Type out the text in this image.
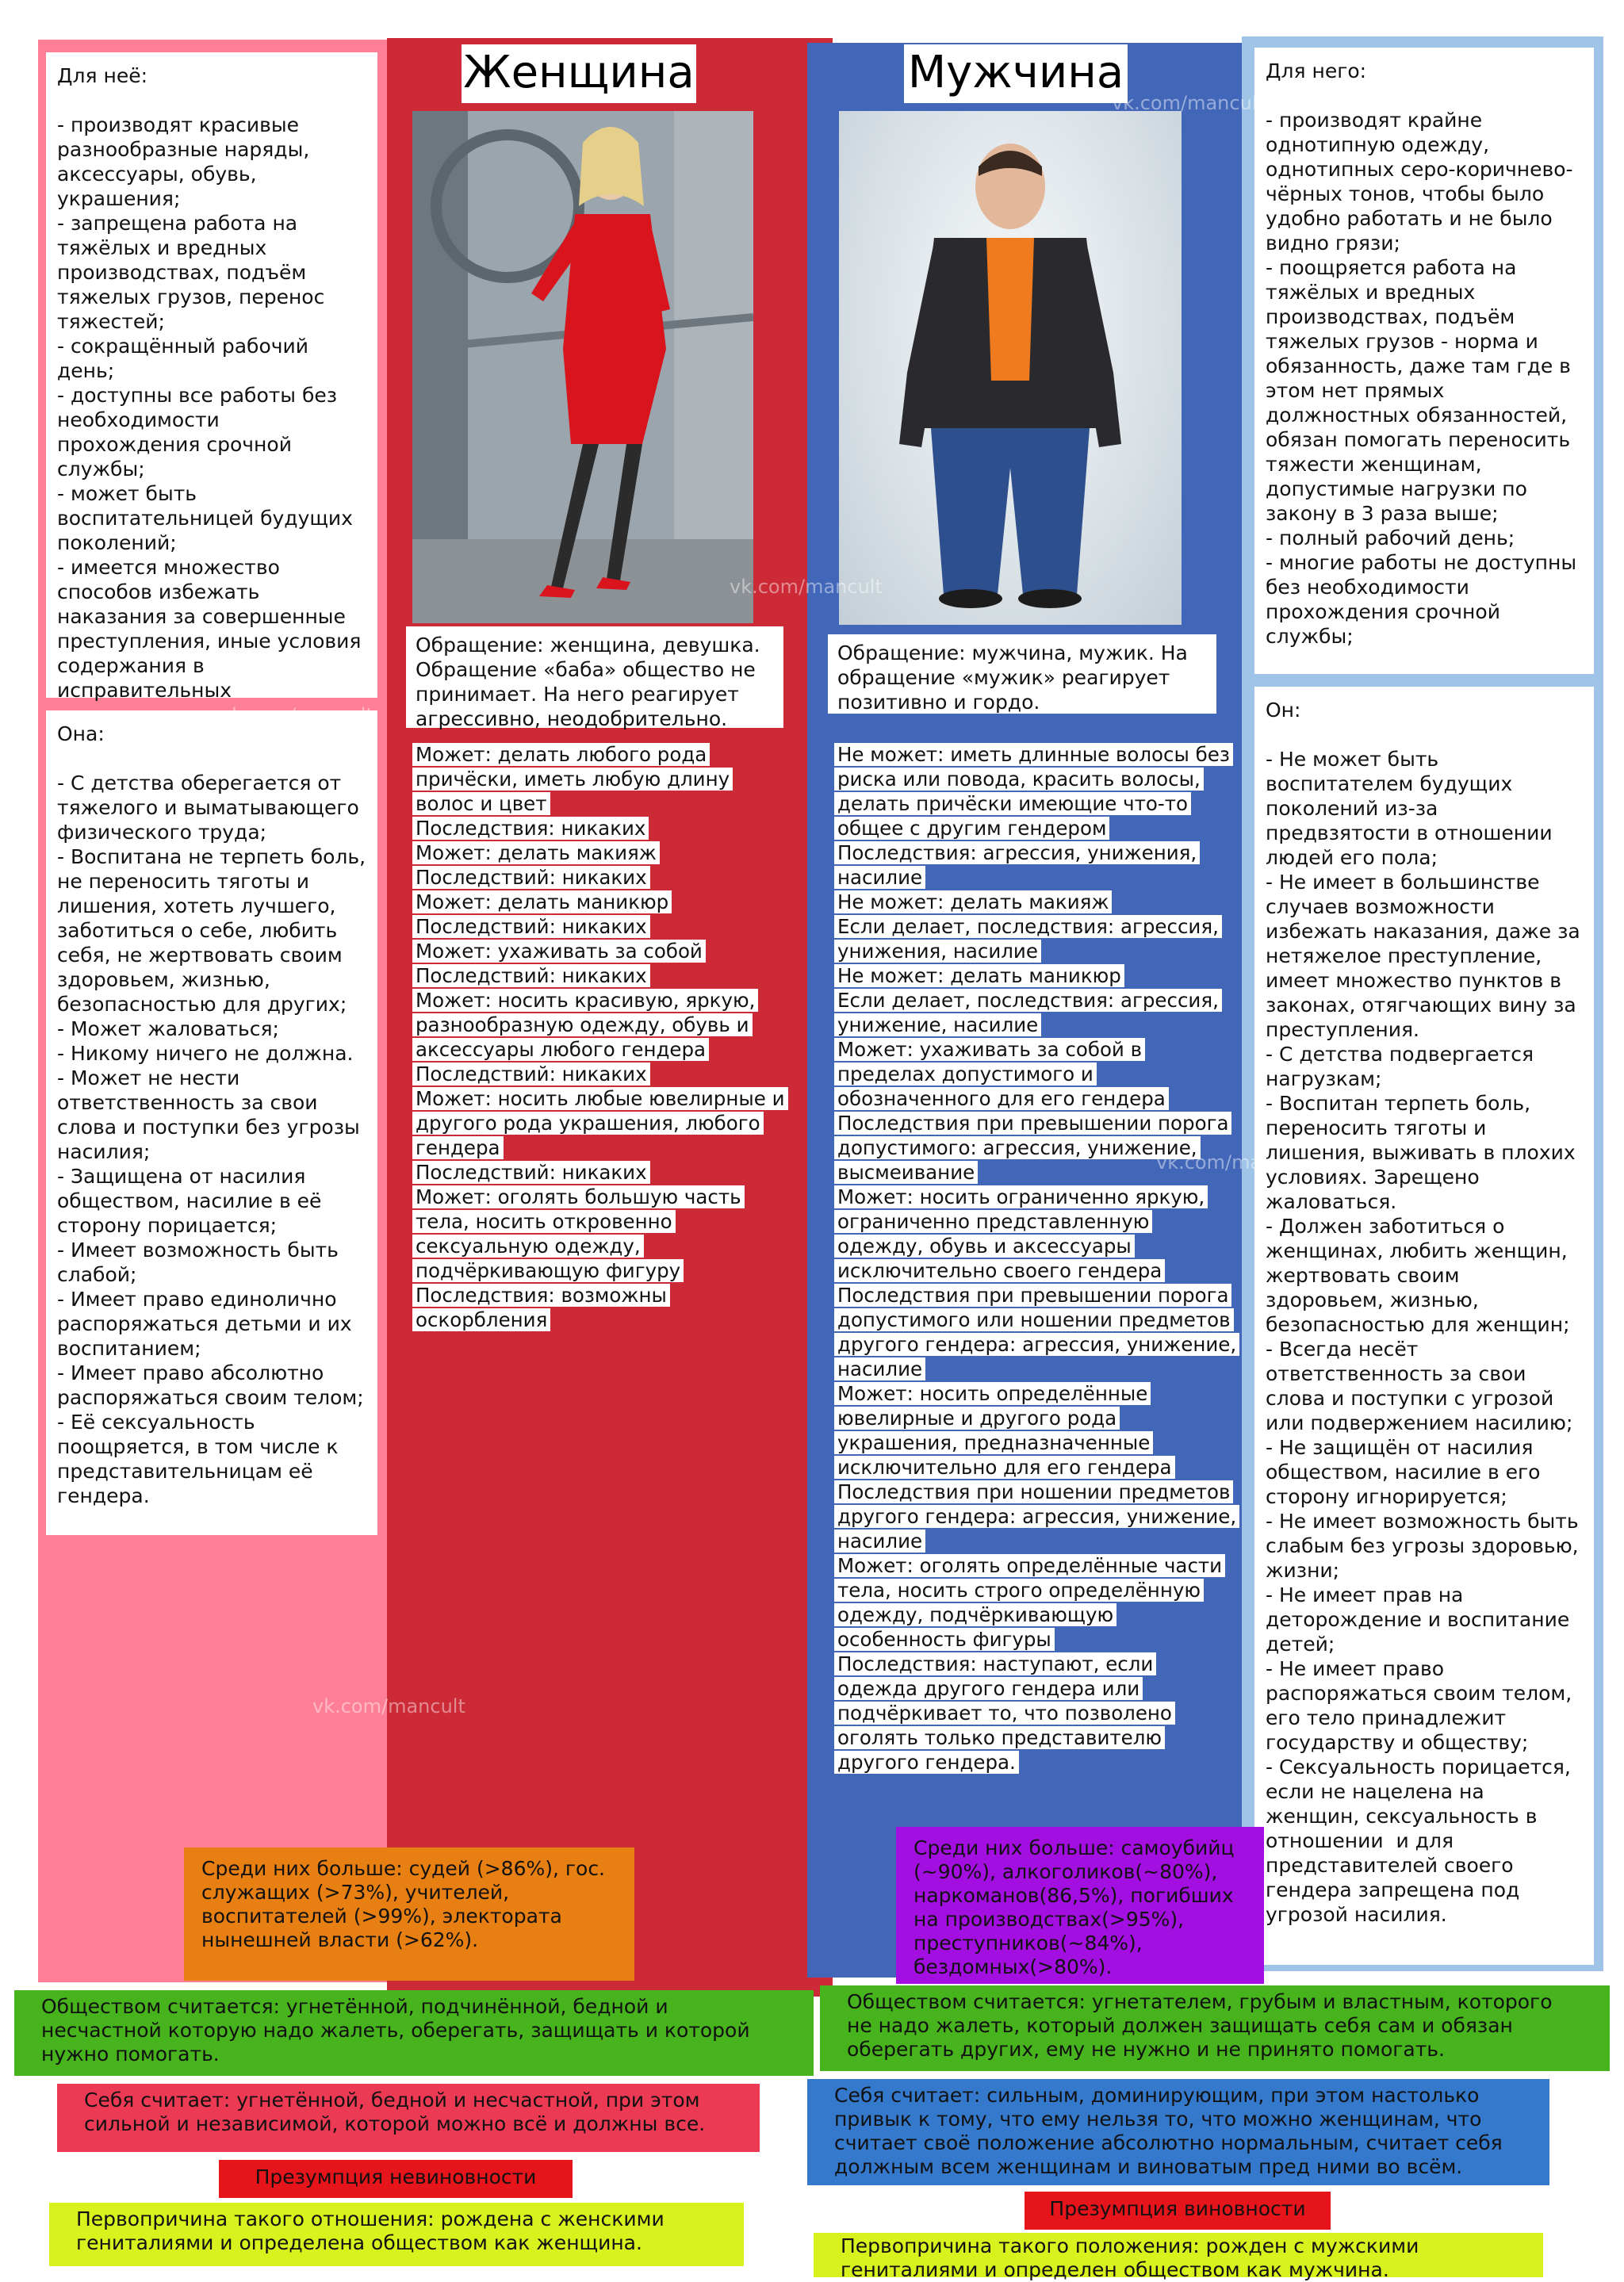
Для неё:

- производят красивые разнообразные наряды, аксессуары, обувь, украшения;
- запрещена работа на тяжёлых и вредных производствах, подъём тяжелых грузов, перенос тяжестей;
- сокращённый рабочий день;
- доступны все работы без необходимости прохождения срочной службы;
- может быть воспитательницей будущих поколений;
- имеется множество способов избежать наказания за совершенные преступления, иные условия содержания в исправительных
Она:

- С детства оберегается от тяжелого и выматывающего физического труда;
- Воспитана не терпеть боль, не переносить тяготы и лишения, хотеть лучшего, заботиться о себе, любить себя, не жертвовать своим здоровьем, жизнью, безопасностью для других;
- Может жаловаться;
- Никому ничего не должна.
- Может не нести ответственность за свои слова и поступки без угрозы насилия;
- Защищена от насилия обществом, насилие в её сторону порицается;
- Имеет возможность быть слабой;
- Имеет право единолично распоряжаться детьми и их воспитанием;
- Имеет право абсолютно распоряжаться своим телом;
- Её сексуальность поощряется, в том числе к представительницам её гендера.
Для него:

- производят крайне однотипную одежду, однотипных серо-коричнево-чёрных тонов, чтобы было удобно работать и не было видно грязи;
- поощряется работа на тяжёлых и вредных производствах, подъём тяжелых грузов - норма и обязанность, даже там где в этом нет прямых должностных обязанностей, обязан помогать переносить тяжести женщинам, допустимые нагрузки по закону в 3 раза выше;
- полный рабочий день;
- многие работы не доступны без необходимости прохождения срочной службы;
Он:

- Не может быть воспитателем будущих поколений из-за предвзятости в отношении людей его пола;
- Не имеет в большинстве случаев возможности избежать наказания, даже за нетяжелое преступление, имеет множество пунктов в законах, отягчающих вину за преступления.
- С детства подвергается нагрузкам;
- Воспитан терпеть боль, переносить тяготы и лишения, выживать в плохих условиях. Зарещено жаловаться.
- Должен заботиться о женщинах, любить женщин, жертвовать своим здоровьем, жизнью, безопасностью для женщин;
- Всегда несёт ответственность за свои слова и поступки с угрозой или подвержением насилию;
- Не защищён от насилия обществом, насилие в его сторону игнорируется;
- Не имеет возможность быть слабым без угрозы здоровью, жизни;
- Не имеет прав на деторождение и воспитание детей;
- Не имеет право распоряжаться своим телом, его тело принадлежит государству и обществу;
- Сексуальность порицается, если не нацелена на женщин, сексуальность в отношении  и для представителей своего гендера запрещена под угрозой насилия.
Женщина	Мужчина
Обращение: женщина, девушка. Обращение «баба» общество не принимает. На него реагирует агрессивно, неодобрительно.
Обращение: мужчина, мужик. На обращение «мужик» реагирует позитивно и гордо.
Может: делать любого рода причёски, иметь любую длину волос и цвет
Последствия: никаких
Может: делать макияж
Последствий: никаких
Может: делать маникюр
Последствий: никаких
Может: ухаживать за собой
Последствий: никаких
Может: носить красивую, яркую, разнообразную одежду, обувь и аксессуары любого гендера
Последствий: никаких
Может: носить любые ювелирные и другого рода украшения, любого гендера
Последствий: никаких
Может: оголять большую часть тела, носить откровенно сексуальную одежду, подчёркивающую фигуру
Последствия: возможны оскорбления
Не может: иметь длинные волосы без риска или повода, красить волосы, делать причёски имеющие что-то общее с другим гендером
Последствия: агрессия, унижения, насилие
Не может: делать макияж
Если делает, последствия: агрессия, унижения, насилие
Не может: делать маникюр
Если делает, последствия: агрессия, унижение, насилие
Может: ухаживать за собой в пределах допустимого и обозначенного для его гендера
Последствия при превышении порога допустимого: агрессия, унижение, высмеивание
Может: носить ограниченно яркую, ограниченно представленную одежду, обувь и аксессуары исключительно своего гендера
Последствия при превышении порога допустимого или ношении предметов другого гендера: агрессия, унижение, насилие
Может: носить определённые ювелирные и другого рода украшения, предназначенные исключительно для его гендера
Последствия при ношении предметов другого гендера: агрессия, унижение, насилие
Может: оголять определённые части тела, носить строго определённую одежду, подчёркивающую особенность фигуры
Последствия: наступают, если одежда другого гендера или подчёркивает то, что позволено оголять только представителю другого гендера.
Среди них больше: судей (>86%), гос. служащих (>73%), учителей, воспитателей (>99%), электората нынешней власти (>62%).
Среди них больше: самоубийц (~90%), алкоголиков(~80%), наркоманов(86,5%), погибших на производствах(>95%), преступников(~84%), бездомных(>80%).
Обществом считается: угнетённой, подчинённой, бедной и несчастной которую надо жалеть, оберегать, защищать и которой нужно помогать.
Обществом считается: угнетателем, грубым и властным, которого не надо жалеть, который должен защищать себя сам и обязан оберегать других, ему не нужно и не принято помогать.
Себя считает: угнетённой, бедной и несчастной, при этом сильной и независимой, которой можно всё и должны все.
Себя считает: сильным, доминирующим, при этом настолько привык к тому, что ему нельзя то, что можно женщинам, что считает своё положение абсолютно нормальным, считает себя должным всем женщинам и виноватым пред ними во всём.
Презумпция невиновности
Презумпция виновности
Первопричина такого отношения: рождена с женскими гениталиями и определена обществом как женщина.	Первопричина такого положения: рожден с мужскими гениталиями и определен обществом как мужчина.
vk.com/mancult
vk.com/mancult
vk.com/mancult
vk.com/mancult
vk.com/mancult
